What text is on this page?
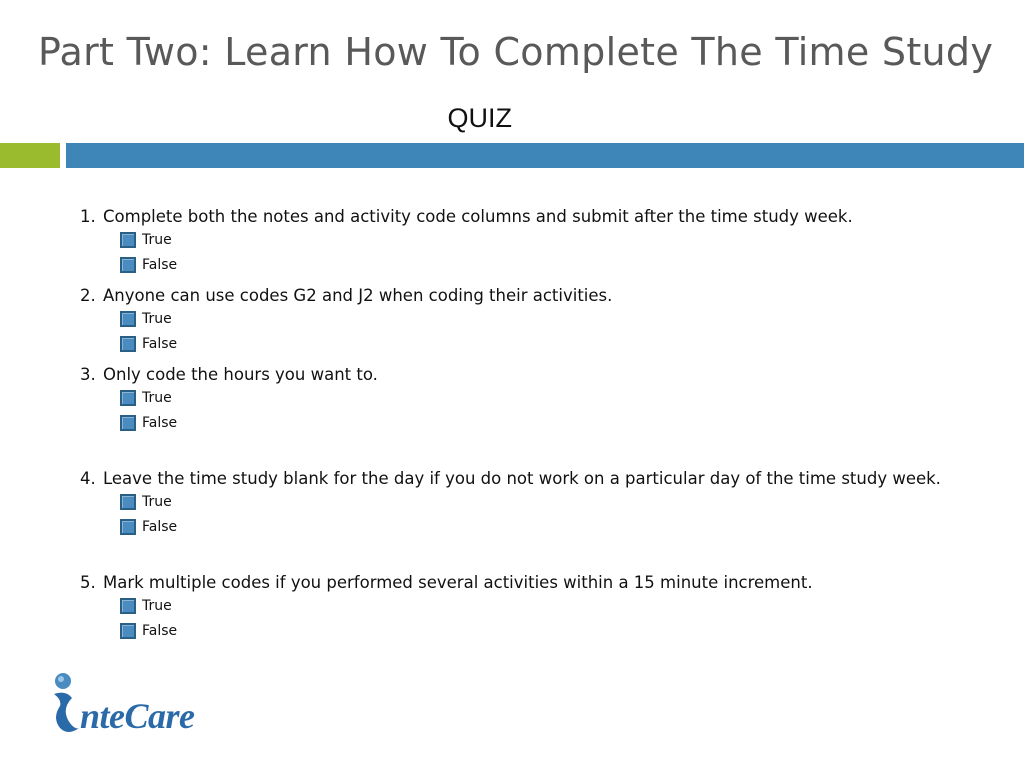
Part Two: Learn How To Complete The Time Study
QUIZ
1. Complete both the notes and activity code columns and submit after the time study week.
True
False
2. Anyone can use codes G2 and J2 when coding their activities.
True
False
3. Only code the hours you want to.
True
False
4. Leave the time study blank for the day if you do not work on a particular day of the time study week.
True
False
5. Mark multiple codes if you performed several activities within a 15 minute increment.
True
False
nteCare
